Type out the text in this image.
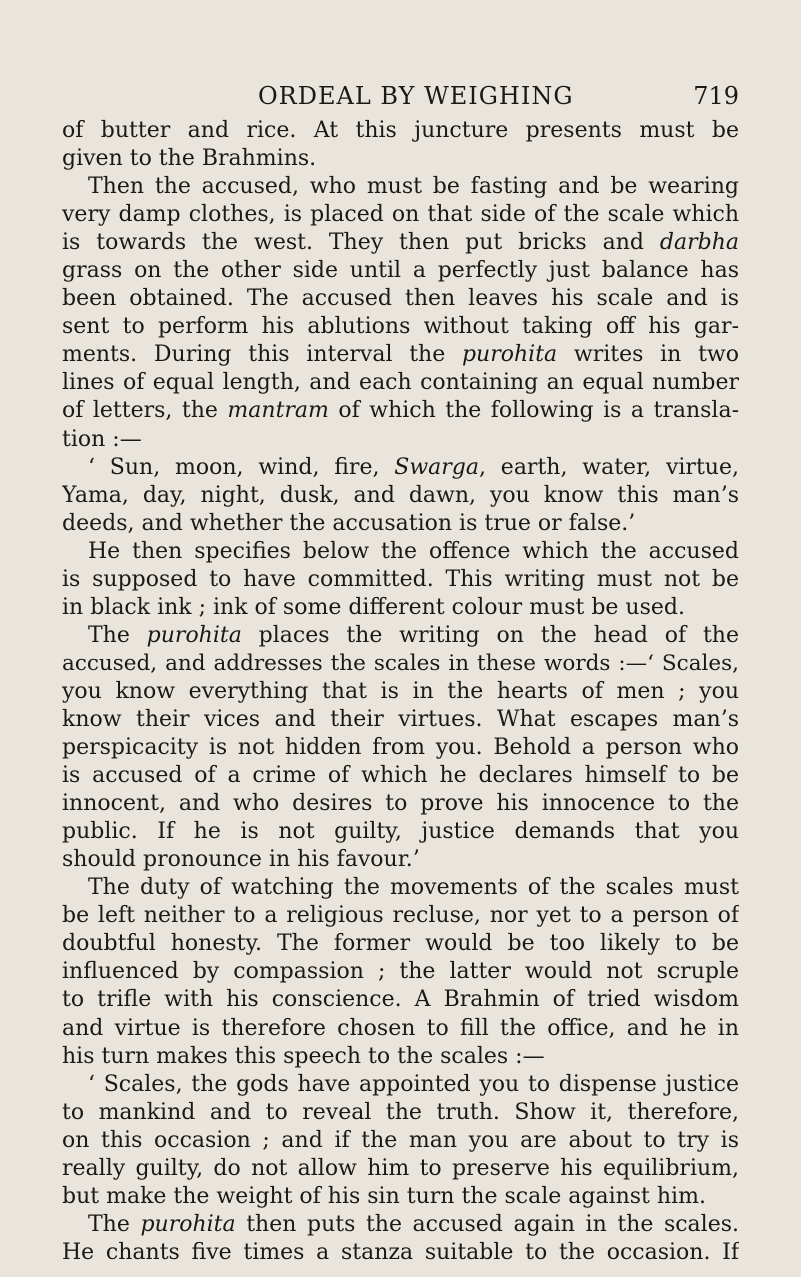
ORDEAL BY WEIGHING	719
of butter and rice. At this juncture presents must be
given to the Brahmins.
Then the accused, who must be fasting and be wearing
very damp clothes, is placed on that side of the scale which
is towards the west. They then put bricks and darbha
grass on the other side until a perfectly just balance has
been obtained. The accused then leaves his scale and is
sent to perform his ablutions without taking off his gar-
ments. During this interval the purohita writes in two
lines of equal length, and each containing an equal number
of letters, the mantram of which the following is a transla-
tion :—
‘ Sun, moon, wind, fire, Swarga, earth, water, virtue,
Yama, day, night, dusk, and dawn, you know this man’s
deeds, and whether the accusation is true or false.’
He then specifies below the offence which the accused
is supposed to have committed. This writing must not be
in black ink ; ink of some different colour must be used.
The purohita places the writing on the head of the
accused, and addresses the scales in these words :—‘ Scales,
you know everything that is in the hearts of men ; you
know their vices and their virtues. What escapes man’s
perspicacity is not hidden from you. Behold a person who
is accused of a crime of which he declares himself to be
innocent, and who desires to prove his innocence to the
public. If he is not guilty, justice demands that you
should pronounce in his favour.’
The duty of watching the movements of the scales must
be left neither to a religious recluse, nor yet to a person of
doubtful honesty. The former would be too likely to be
influenced by compassion ; the latter would not scruple
to trifle with his conscience. A Brahmin of tried wisdom
and virtue is therefore chosen to fill the office, and he in
his turn makes this speech to the scales :—
‘ Scales, the gods have appointed you to dispense justice
to mankind and to reveal the truth. Show it, therefore,
on this occasion ; and if the man you are about to try is
really guilty, do not allow him to preserve his equilibrium,
but make the weight of his sin turn the scale against him.
The purohita then puts the accused again in the scales.
He chants five times a stanza suitable to the occasion. If
